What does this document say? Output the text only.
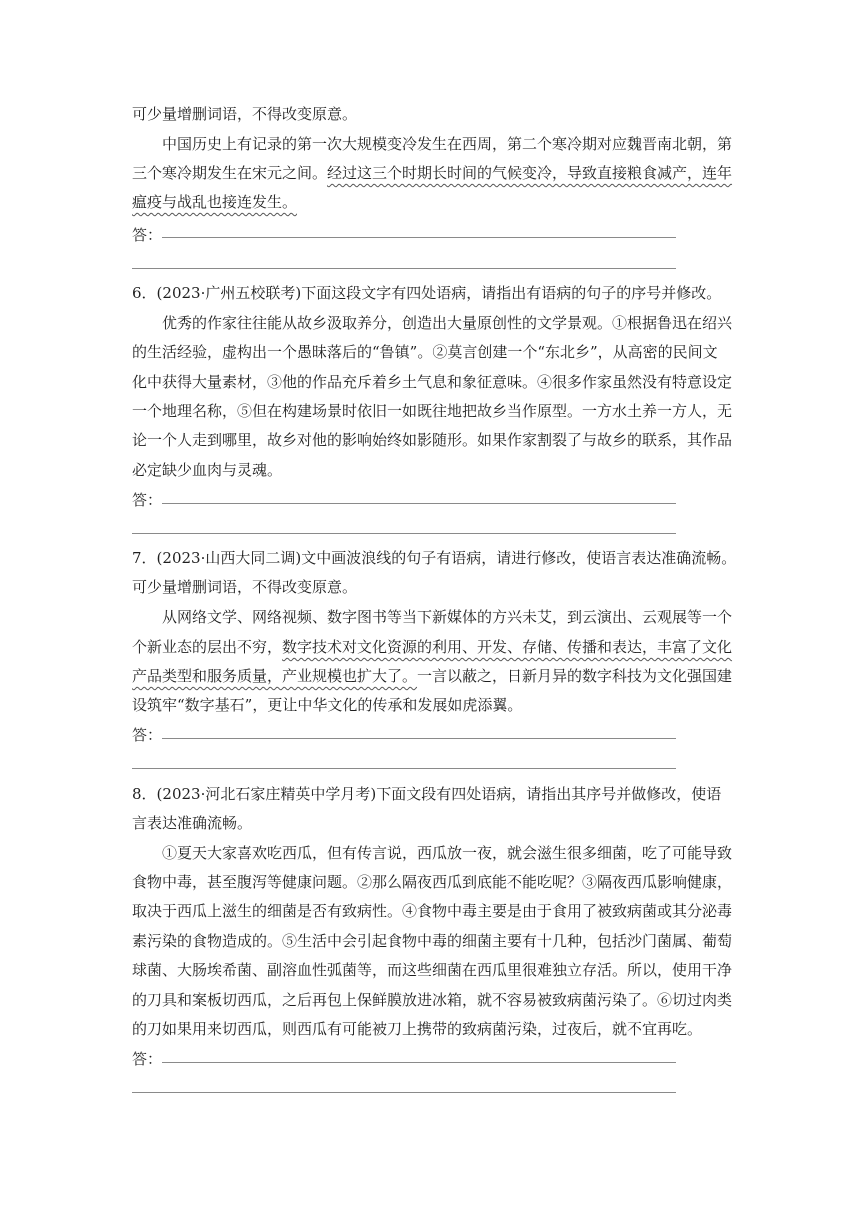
可少量增删词语，不得改变原意。
中国历史上有记录的第一次大规模变冷发生在西周，第二个寒冷期对应魏晋南北朝，第
三个寒冷期发生在宋元之间。经过这三个时期长时间的气候变冷，导致直接粮食减产，连年
瘟疫与战乱也接连发生。
答：
6．(2023·广州五校联考)下面这段文字有四处语病，请指出有语病的句子的序号并修改。
优秀的作家往往能从故乡汲取养分，创造出大量原创性的文学景观。①根据鲁迅在绍兴
的生活经验，虚构出一个愚昧落后的“鲁镇”。②莫言创建一个“东北乡”，从高密的民间文
化中获得大量素材，③他的作品充斥着乡土气息和象征意味。④很多作家虽然没有特意设定
一个地理名称，⑤但在构建场景时依旧一如既往地把故乡当作原型。一方水土养一方人，无
论一个人走到哪里，故乡对他的影响始终如影随形。如果作家割裂了与故乡的联系，其作品
必定缺少血肉与灵魂。
答：
7．(2023·山西大同二调)文中画波浪线的句子有语病，请进行修改，使语言表达准确流畅。
可少量增删词语，不得改变原意。
从网络文学、网络视频、数字图书等当下新媒体的方兴未艾，到云演出、云观展等一个
个新业态的层出不穷，数字技术对文化资源的利用、开发、存储、传播和表达，丰富了文化
产品类型和服务质量，产业规模也扩大了。一言以蔽之，日新月异的数字科技为文化强国建
设筑牢“数字基石”，更让中华文化的传承和发展如虎添翼。
答：
8．(2023·河北石家庄精英中学月考)下面文段有四处语病，请指出其序号并做修改，使语
言表达准确流畅。
①夏天大家喜欢吃西瓜，但有传言说，西瓜放一夜，就会滋生很多细菌，吃了可能导致
食物中毒，甚至腹泻等健康问题。②那么隔夜西瓜到底能不能吃呢？③隔夜西瓜影响健康，
取决于西瓜上滋生的细菌是否有致病性。④食物中毒主要是由于食用了被致病菌或其分泌毒
素污染的食物造成的。⑤生活中会引起食物中毒的细菌主要有十几种，包括沙门菌属、葡萄
球菌、大肠埃希菌、副溶血性弧菌等，而这些细菌在西瓜里很难独立存活。所以，使用干净
的刀具和案板切西瓜，之后再包上保鲜膜放进冰箱，就不容易被致病菌污染了。⑥切过肉类
的刀如果用来切西瓜，则西瓜有可能被刀上携带的致病菌污染，过夜后，就不宜再吃。
答：
